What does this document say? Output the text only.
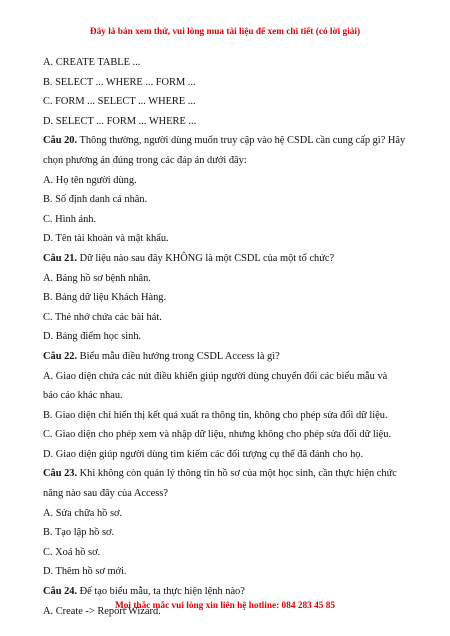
Đây là bản xem thử, vui lòng mua tài liệu để xem chi tiết (có lời giải)
A. CREATE TABLE ...
B. SELECT ... WHERE ... FORM ...
C. FORM ... SELECT ... WHERE ...
D. SELECT ... FORM ... WHERE ...
Câu 20. Thông thường, người dùng muốn truy cập vào hệ CSDL cần cung cấp gì? Hãy chọn phương án đúng trong các đáp án dưới đây:
A. Họ tên người dùng.
B. Số định danh cá nhân.
C. Hình ảnh.
D. Tên tài khoản và mật khẩu.
Câu 21. Dữ liệu nào sau đây KHÔNG là một CSDL của một tổ chức?
A. Bảng hồ sơ bệnh nhân.
B. Bảng dữ liệu Khách Hàng.
C. Thẻ nhớ chứa các bài hát.
D. Bảng điểm học sinh.
Câu 22. Biểu mẫu điều hướng trong CSDL Access là gì?
A. Giao diện chứa các nút điều khiển giúp người dùng chuyển đổi các biểu mẫu và
báo cáo khác nhau.
B. Giao diện chỉ hiển thị kết quả xuất ra thông tin, không cho phép sửa đổi dữ liệu.
C. Giao diện cho phép xem và nhập dữ liệu, nhưng không cho phép sửa đổi dữ liệu.
D. Giao diện giúp người dùng tìm kiếm các đối tượng cụ thể đã đánh cho họ.
Câu 23. Khi không còn quản lý thông tin hồ sơ của một học sinh, cần thực hiện chức năng nào sau đây của Access?
A. Sửa chữa hồ sơ.
B. Tạo lập hồ sơ.
C. Xoá hồ sơ.
D. Thêm hồ sơ mới.
Câu 24. Để tạo biểu mẫu, ta thực hiện lệnh nào?
A. Create -> Report Wizard.
Mọi thắc mắc vui lòng xin liên hệ hotline: 084 283 45 85
